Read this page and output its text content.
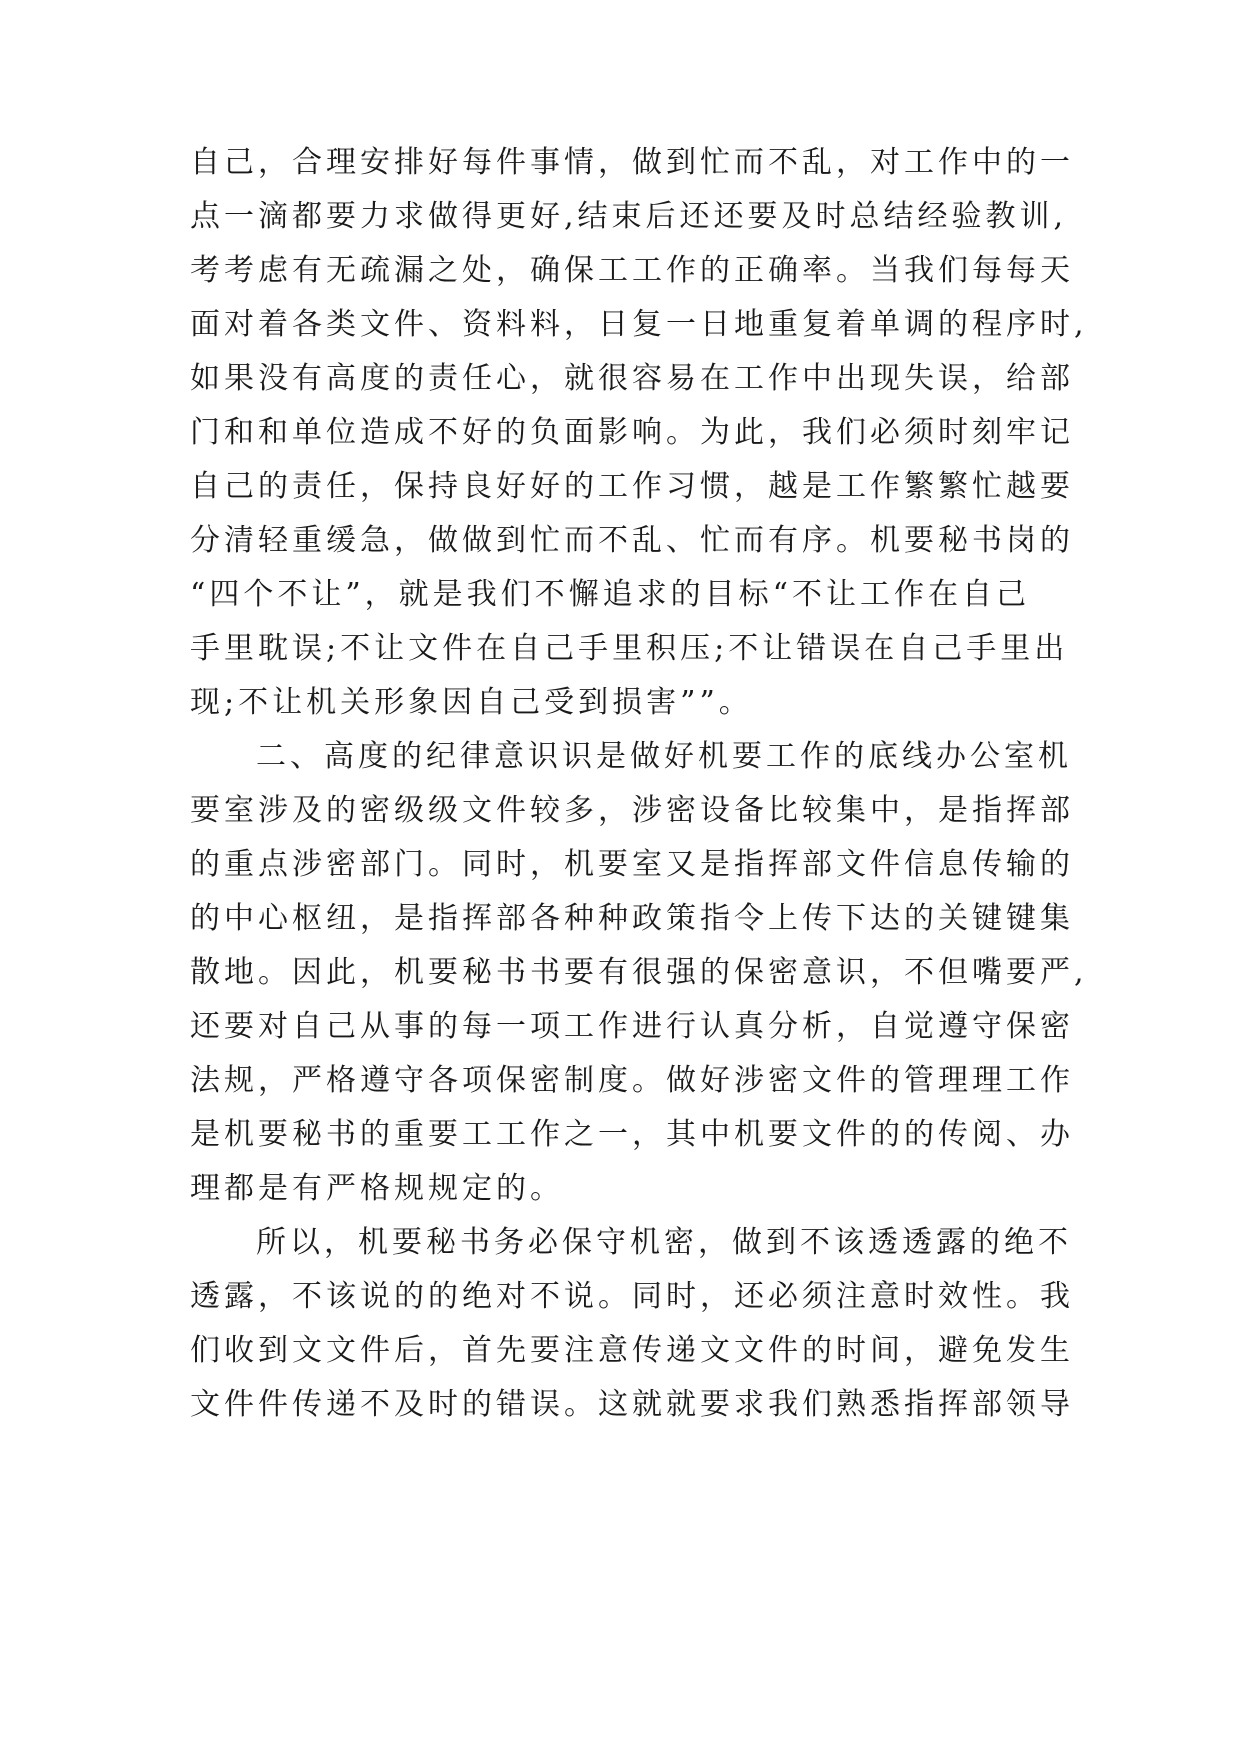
自己，合理安排好每件事情，做到忙而不乱，对工作中的一
点一滴都要力求做得更好,结束后还还要及时总结经验教训,
考考虑有无疏漏之处，确保工工作的正确率。当我们每每天
面对着各类文件、资料料，日复一日地重复着单调的程序时,
如果没有高度的责任心，就很容易在工作中出现失误，给部
门和和单位造成不好的负面影响。为此，我们必须时刻牢记
自己的责任，保持良好好的工作习惯，越是工作繁繁忙越要
分清轻重缓急，做做到忙而不乱、忙而有序。机要秘书岗的
“四个不让”，就是我们不懈追求的目标“不让工作在自己
手里耽误;不让文件在自己手里积压;不让错误在自己手里出
现;不让机关形象因自己受到损害””。
二、高度的纪律意识识是做好机要工作的底线办公室机
要室涉及的密级级文件较多，涉密设备比较集中，是指挥部
的重点涉密部门。同时，机要室又是指挥部文件信息传输的
的中心枢纽，是指挥部各种种政策指令上传下达的关键键集
散地。因此，机要秘书书要有很强的保密意识，不但嘴要严,
还要对自己从事的每一项工作进行认真分析，自觉遵守保密
法规，严格遵守各项保密制度。做好涉密文件的管理理工作
是机要秘书的重要工工作之一，其中机要文件的的传阅、办
理都是有严格规规定的。
所以，机要秘书务必保守机密，做到不该透透露的绝不
透露，不该说的的绝对不说。同时，还必须注意时效性。我
们收到文文件后，首先要注意传递文文件的时间，避免发生
文件件传递不及时的错误。这就就要求我们熟悉指挥部领导
